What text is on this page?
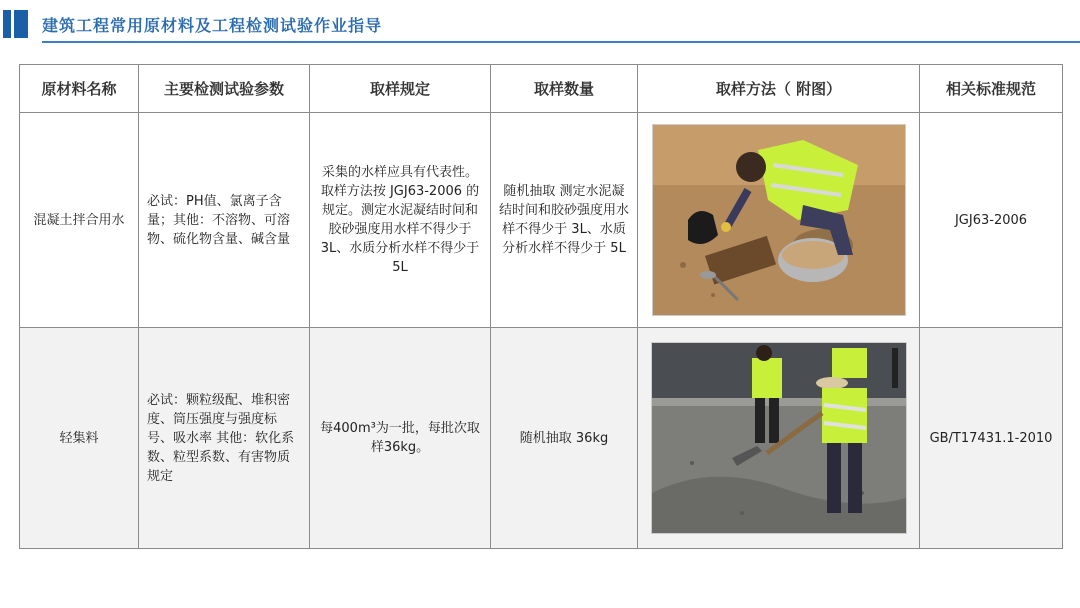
建筑工程常用原材料及工程检测试验作业指导
原材料名称	主要检测试验参数	取样规定	取样数量	取样方法（ 附图）	相关标准规范
混凝土拌合用水	必试：PH值、氯离子含量；其他：不溶物、可溶物、硫化物含量、碱含量	采集的水样应具有代表性。取样方法按 JGJ63-2006 的规定。测定水泥凝结时间和胶砂强度用水样不得少于 3L、水质分析水样不得少于 5L	随机抽取 测定水泥凝结时间和胶砂强度用水样不得少于 3L、水质分析水样不得少于 5L		JGJ63-2006
轻集料	必试：颗粒级配、堆积密度、筒压强度与强度标号、吸水率 其他：软化系数、粒型系数、有害物质规定	每400m³为一批，每批次取样36kg。	随机抽取 36kg		GB/T17431.1-2010
